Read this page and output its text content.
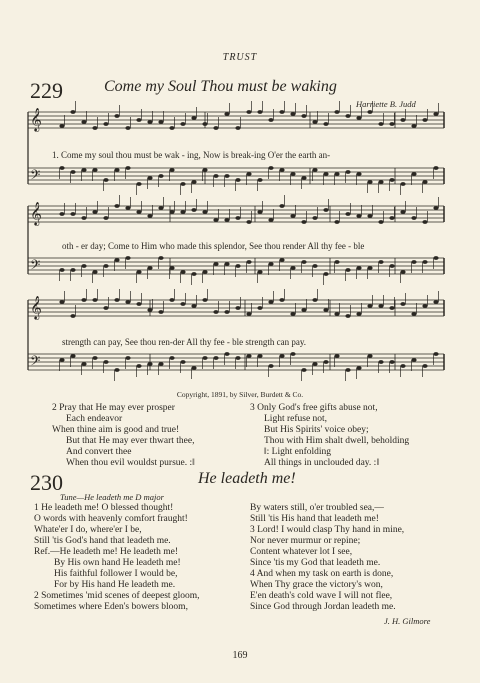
TRUST
229	Come my Soul Thou must be waking
Harriette B. Judd
𝄞
𝄢
𝄞
𝄢
𝄞
𝄢
1. Come my soul thou must be wak - ing, Now is break-ing O'er the earth an-
oth - er day; Come to Him who made this splendor, See thou render All thy fee - ble
strength can pay, See thou ren-der All thy fee - ble strength can pay.
Copyright, 1891, by Silver, Burdett & Co.
2 Pray that He may ever prosper
Each endeavor
When thine aim is good and true!
But that He may ever thwart thee,
And convert thee
When thou evil wouldst pursue. :‖
3 Only God's free gifts abuse not,
Light refuse not,
But His Spirits' voice obey;
Thou with Him shalt dwell, beholding
‖: Light enfolding
All things in unclouded day. :‖
230	He leadeth me!
Tune—He leadeth me D major
1 He leadeth me! O blessed thought!
O words with heavenly comfort fraught!
Whate'er I do, where'er I be,
Still 'tis God's hand that leadeth me.
Ref.—He leadeth me! He leadeth me!
By His own hand He leadeth me!
His faithful follower I would be,
For by His hand He leadeth me.
2 Sometimes 'mid scenes of deepest gloom,
Sometimes where Eden's bowers bloom,
By waters still, o'er troubled sea,—
Still 'tis His hand that leadeth me!
3 Lord! I would clasp Thy hand in mine,
Nor never murmur or repine;
Content whatever lot I see,
Since 'tis my God that leadeth me.
4 And when my task on earth is done,
When Thy grace the victory's won,
E'en death's cold wave I will not flee,
Since God through Jordan leadeth me.
J. H. Gilmore
169
